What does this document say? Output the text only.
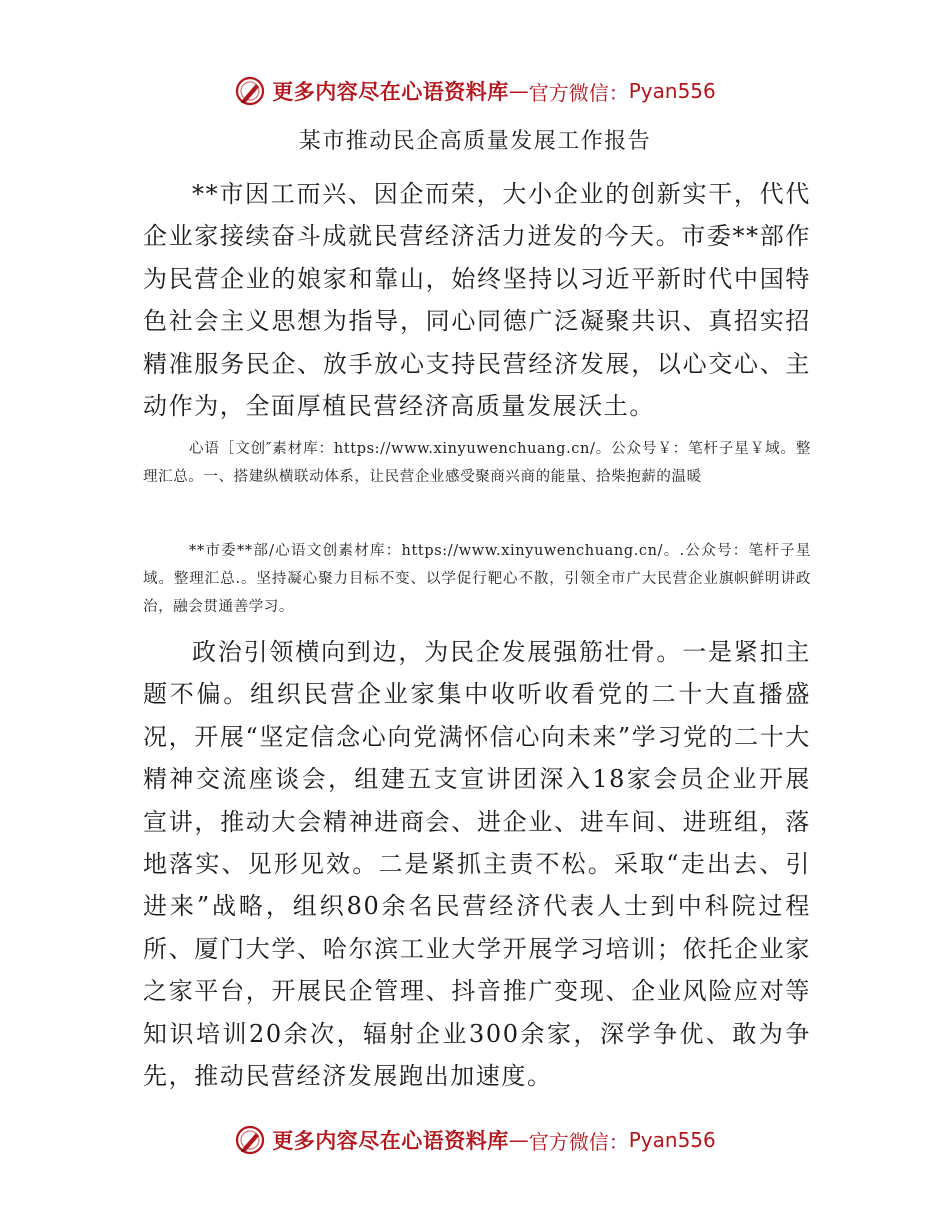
更多内容尽在心语资料库 — 官方微信： Pyan556
某市推动民企高质量发展工作报告

**市因工而兴、因企而荣，大小企业的创新实干，代代企业家接续奋斗成就民营经济活力迸发的今天。市委**部作为民营企业的娘家和靠山，始终坚持以习近平新时代中国特色社会主义思想为指导，同心同德广泛凝聚共识、真招实招精准服务民企、放手放心支持民营经济发展，以心交心、主动作为，全面厚植民营经济高质量发展沃土。

心语［文创″素材库：https://www.xinyuwenchuang.cn/。公众号￥：笔杆子星￥域。整理汇总。一、搭建纵横联动体系，让民营企业感受聚商兴商的能量、拾柴抱薪的温暖

**市委**部/心语文创素材库：https://www.xinyuwenchuang.cn/。.公众号：笔杆子星域。整理汇总.。坚持凝心聚力目标不变、以学促行靶心不散，引领全市广大民营企业旗帜鲜明讲政治，融会贯通善学习。

政治引领横向到边，为民企发展强筋壮骨。一是紧扣主题不偏。组织民营企业家集中收听收看党的二十大直播盛况，开展“坚定信念心向党满怀信心向未来”学习党的二十大精神交流座谈会，组建五支宣讲团深入18家会员企业开展宣讲，推动大会精神进商会、进企业、进车间、进班组，落地落实、见形见效。二是紧抓主责不松。采取“走出去、引进来”战略，组织80余名民营经济代表人士到中科院过程所、厦门大学、哈尔滨工业大学开展学习培训；依托企业家之家平台，开展民企管理、抖音推广变现、企业风险应对等知识培训20余次，辐射企业300余家，深学争优、敢为争先，推动民营经济发展跑出加速度。

更多内容尽在心语资料库 — 官方微信： Pyan556
